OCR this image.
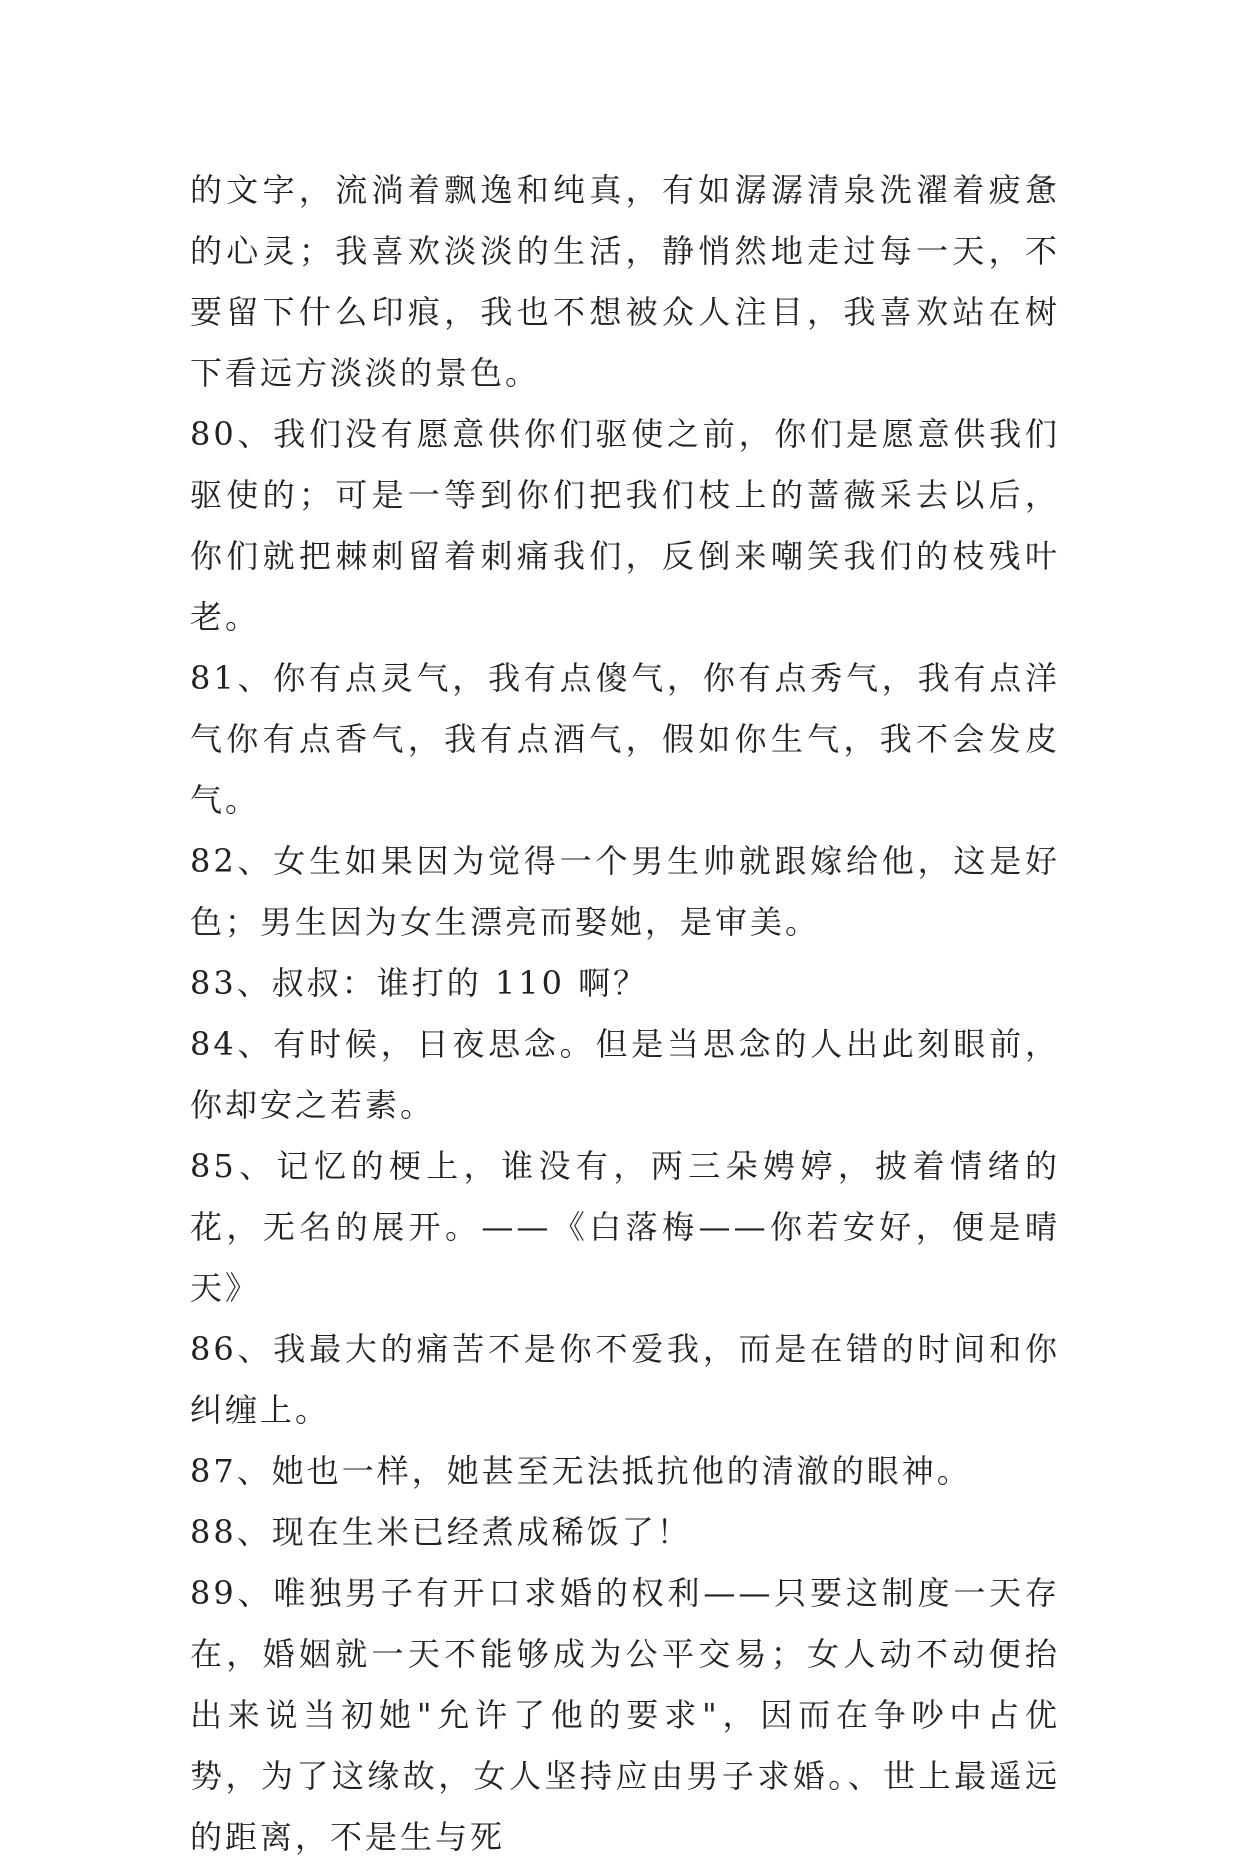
的文字，流淌着飘逸和纯真，有如潺潺清泉洗濯着疲惫的心灵；我喜欢淡淡的生活，静悄然地走过每一天，不要留下什么印痕，我也不想被众人注目，我喜欢站在树下看远方淡淡的景色。

80、我们没有愿意供你们驱使之前，你们是愿意供我们驱使的；可是一等到你们把我们枝上的蔷薇采去以后，你们就把棘刺留着刺痛我们，反倒来嘲笑我们的枝残叶老。

81、你有点灵气，我有点傻气，你有点秀气，我有点洋气你有点香气，我有点酒气，假如你生气，我不会发皮气。

82、女生如果因为觉得一个男生帅就跟嫁给他，这是好色；男生因为女生漂亮而娶她，是审美。

83、叔叔：谁打的 110 啊？

84、有时候，日夜思念。但是当思念的人出此刻眼前，你却安之若素。

85、记忆的梗上，谁没有，两三朵娉婷，披着情绪的花，无名的展开。——《白落梅——你若安好，便是晴天》

86、我最大的痛苦不是你不爱我，而是在错的时间和你纠缠上。

87、她也一样，她甚至无法抵抗他的清澈的眼神。

88、现在生米已经煮成稀饭了！

89、唯独男子有开口求婚的权利——只要这制度一天存在，婚姻就一天不能够成为公平交易；女人动不动便抬出来说当初她"允许了他的要求"，因而在争吵中占优势，为了这缘故，女人坚持应由男子求婚。、世上最遥远的距离，不是生与死
